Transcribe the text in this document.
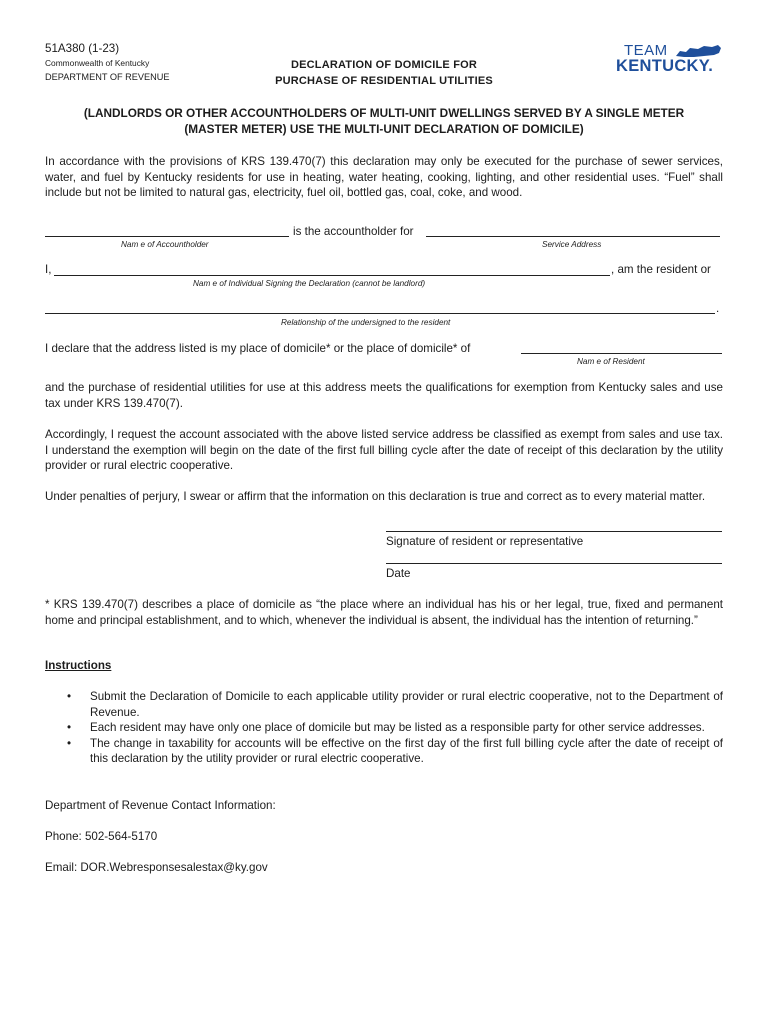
51A380 (1-23)
Commonwealth of Kentucky
DEPARTMENT OF REVENUE
DECLARATION OF DOMICILE FOR
PURCHASE OF RESIDENTIAL UTILITIES
TEAM
KENTUCKY.
(LANDLORDS OR OTHER ACCOUNTHOLDERS OF MULTI-UNIT DWELLINGS SERVED BY A SINGLE METER
(MASTER METER) USE THE MULTI-UNIT DECLARATION OF DOMICILE)

In accordance with the provisions of KRS 139.470(7) this declaration may only be executed for the purchase of sewer services, water, and fuel by Kentucky residents for use in heating, water heating, cooking, lighting, and other residential uses. “Fuel” shall include but not be limited to natural gas, electricity, fuel oil, bottled gas, coal, coke, and wood.

is the accountholder for
Nam e of Accountholder	Service Address
I,	, am the resident or
Nam e of Individual Signing the Declaration (cannot be landlord)
.
Relationship of the undersigned to the resident
I declare that the address listed is my place of domicile* or the place of domicile* of
Nam e of Resident

and the purchase of residential utilities for use at this address meets the qualifications for exemption from Kentucky sales and use tax under KRS 139.470(7).

Accordingly, I request the account associated with the above listed service address be classified as exempt from sales and use tax. I understand the exemption will begin on the date of the first full billing cycle after the date of receipt of this declaration by the utility provider or rural electric cooperative.

Under penalties of perjury, I swear or affirm that the information on this declaration is true and correct as to every material matter.

Signature of resident or representative
Date

* KRS 139.470(7) describes a place of domicile as “the place where an individual has his or her legal, true, fixed and permanent home and principal establishment, and to which, whenever the individual is absent, the individual has the intention of returning.”

Instructions
• Submit the Declaration of Domicile to each applicable utility provider or rural electric cooperative, not to the Department of Revenue.
• Each resident may have only one place of domicile but may be listed as a responsible party for other service addresses.
• The change in taxability for accounts will be effective on the first day of the first full billing cycle after the date of receipt of this declaration by the utility provider or rural electric cooperative.
Department of Revenue Contact Information:
Phone: 502-564-5170
Email: DOR.Webresponsesalestax@ky.gov
